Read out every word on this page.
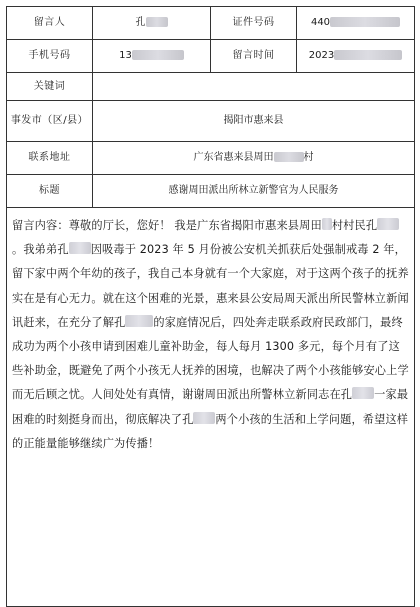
留言人	孔	证件号码	440
手机号码	13	留言时间	2023
关键词			
事发市（区/县）	揭阳市惠来县		
联系地址	广东省惠来县周田 村		
标题	感谢周田派出所林立新警官为人民服务		
留言内容：尊敬的厅长，您好！ 我是广东省揭阳市惠来县周田 村村民孔。我弟弟孔 因吸毒于 2023 年 5 月份被公安机关抓获后处强制戒毒 2 年，留下家中两个年幼的孩子，我自己本身就有一个大家庭，对于这两个孩子的抚养实在是有心无力。就在这个困难的光景，惠来县公安局周天派出所民警林立新闻讯赶来，在充分了解孔 的家庭情况后，四处奔走联系政府民政部门，最终成功为两个小孩申请到困难儿童补助金，每人每月 1300 多元，每个月有了这些补助金，既避免了两个小孩无人抚养的困境，也解决了两个小孩能够安心上学而无后顾之忧。人间处处有真情，谢谢周田派出所警林立新同志在孔 一家最困难的时刻挺身而出，彻底解决了孔 两个小孩的生活和上学问题，希望这样的正能量能够继续广为传播！			
